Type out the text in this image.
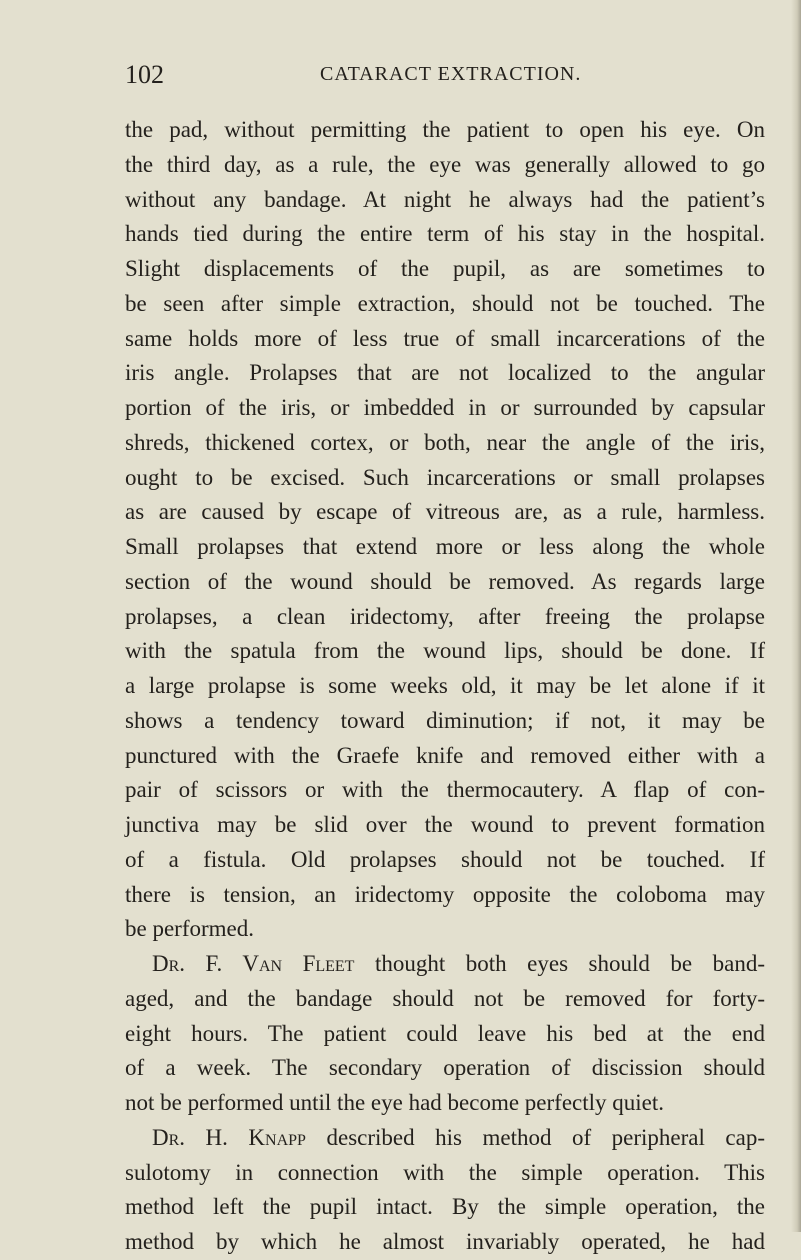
102	CATARACT EXTRACTION.
the pad, without permitting the patient to open his eye. On
the third day, as a rule, the eye was generally allowed to go
without any bandage. At night he always had the patient’s
hands tied during the entire term of his stay in the hospital.
Slight displacements of the pupil, as are sometimes to
be seen after simple extraction, should not be touched. The
same holds more of less true of small incarcerations of the
iris angle. Prolapses that are not localized to the angular
portion of the iris, or imbedded in or surrounded by capsular
shreds, thickened cortex, or both, near the angle of the iris,
ought to be excised. Such incarcerations or small prolapses
as are caused by escape of vitreous are, as a rule, harmless.
Small prolapses that extend more or less along the whole
section of the wound should be removed. As regards large
prolapses, a clean iridectomy, after freeing the prolapse
with the spatula from the wound lips, should be done. If
a large prolapse is some weeks old, it may be let alone if it
shows a tendency toward diminution; if not, it may be
punctured with the Graefe knife and removed either with a
pair of scissors or with the thermocautery. A flap of con-
junctiva may be slid over the wound to prevent formation
of a fistula. Old prolapses should not be touched. If
there is tension, an iridectomy opposite the coloboma may
be performed.
Dr. F. Van Fleet thought both eyes should be band-
aged, and the bandage should not be removed for forty-
eight hours. The patient could leave his bed at the end
of a week. The secondary operation of discission should
not be performed until the eye had become perfectly quiet.
Dr. H. Knapp described his method of peripheral cap-
sulotomy in connection with the simple operation. This
method left the pupil intact. By the simple operation, the
method by which he almost invariably operated, he had
